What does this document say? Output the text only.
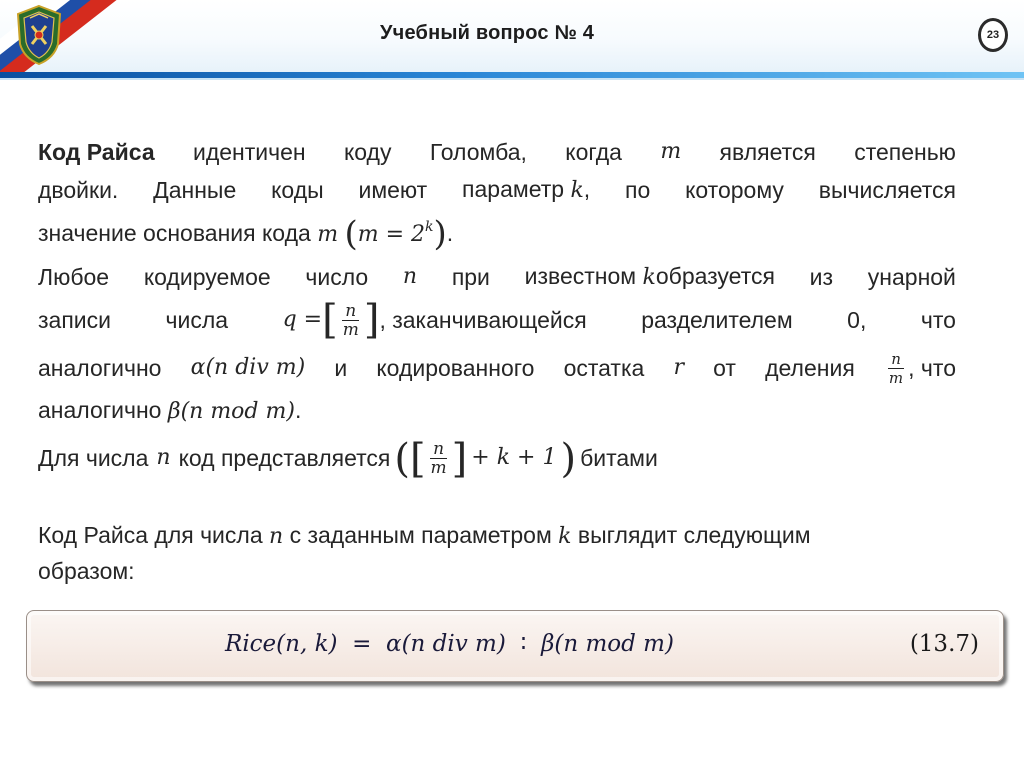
Учебный вопрос № 4	23
Код Райса идентичен коду Голомба, когда m является степенью
двойки. Данные коды имеют параметр k, по которому вычисляется
значение основания кода m $(m = 2^k)$.
Любое кодируемое число n при известном kобразуется из унарной
записи числа q = [ $\frac{n}{m}$ ] , заканчивающейся разделителем 0, что
аналогично α(n div m) и кодированного остатка r от деления $\frac{n}{m}$ , что
аналогично β(n mod m).
Для числа n код представляется ( [ $\frac{n}{m}$ ] + k + 1 ) битами
Код Райса для числа n с заданным параметром k выглядит следующим
образом:
Rice(n, k) = α(n div m) ∶ β(n mod m)	(13.7)
